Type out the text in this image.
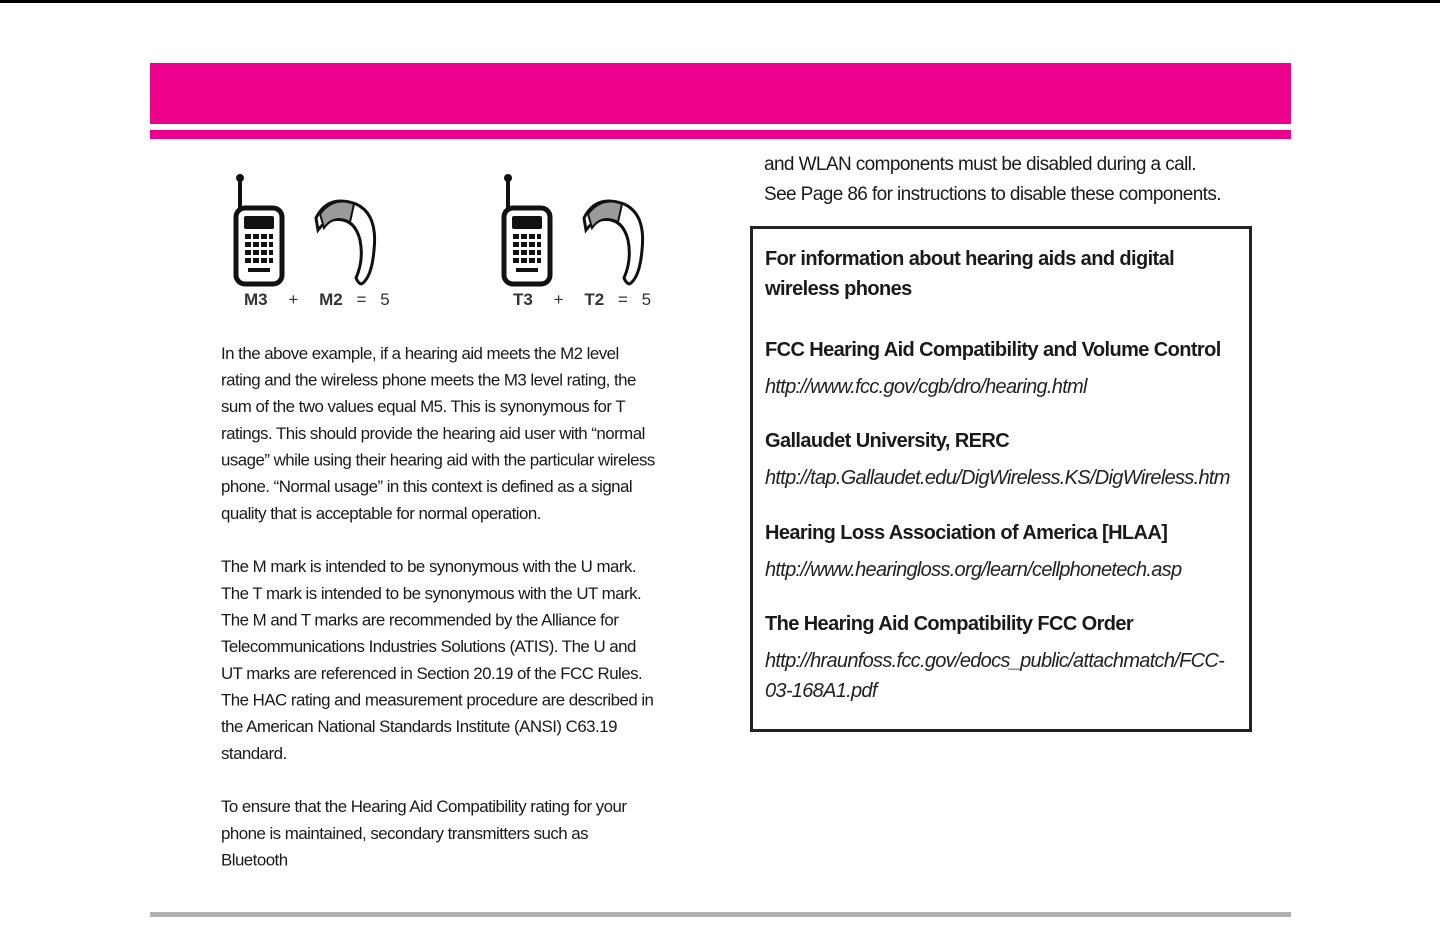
M3 + M2 = 5	T3 + T2 = 5

In the above example, if a hearing aid meets the M2 level rating and the wireless phone meets the M3 level rating, the sum of the two values equal M5. This is synonymous for T ratings. This should provide the hearing aid user with “normal usage” while using their hearing aid with the particular wireless phone. “Normal usage” in this context is defined as a signal quality that is acceptable for normal operation.

The M mark is intended to be synonymous with the U mark. The T mark is intended to be synonymous with the UT mark. The M and T marks are recommended by the Alliance for Telecommunications Industries Solutions (ATIS). The U and UT marks are referenced in Section 20.19 of the FCC Rules. The HAC rating and measurement procedure are described in the American National Standards Institute (ANSI) C63.19 standard.

To ensure that the Hearing Aid Compatibility rating for your phone is maintained, secondary transmitters such as Bluetooth

and WLAN components must be disabled during a call.

See Page 86 for instructions to disable these components.

For information about hearing aids and digital wireless phones

FCC Hearing Aid Compatibility and Volume Control

http://www.fcc.gov/cgb/dro/hearing.html

Gallaudet University, RERC

http://tap.Gallaudet.edu/DigWireless.KS/DigWireless.htm

Hearing Loss Association of America [HLAA]

http://www.hearingloss.org/learn/cellphonetech.asp

The Hearing Aid Compatibility FCC Order

http://hraunfoss.fcc.gov/edocs_public/attachmatch/FCC-03-168A1.pdf
